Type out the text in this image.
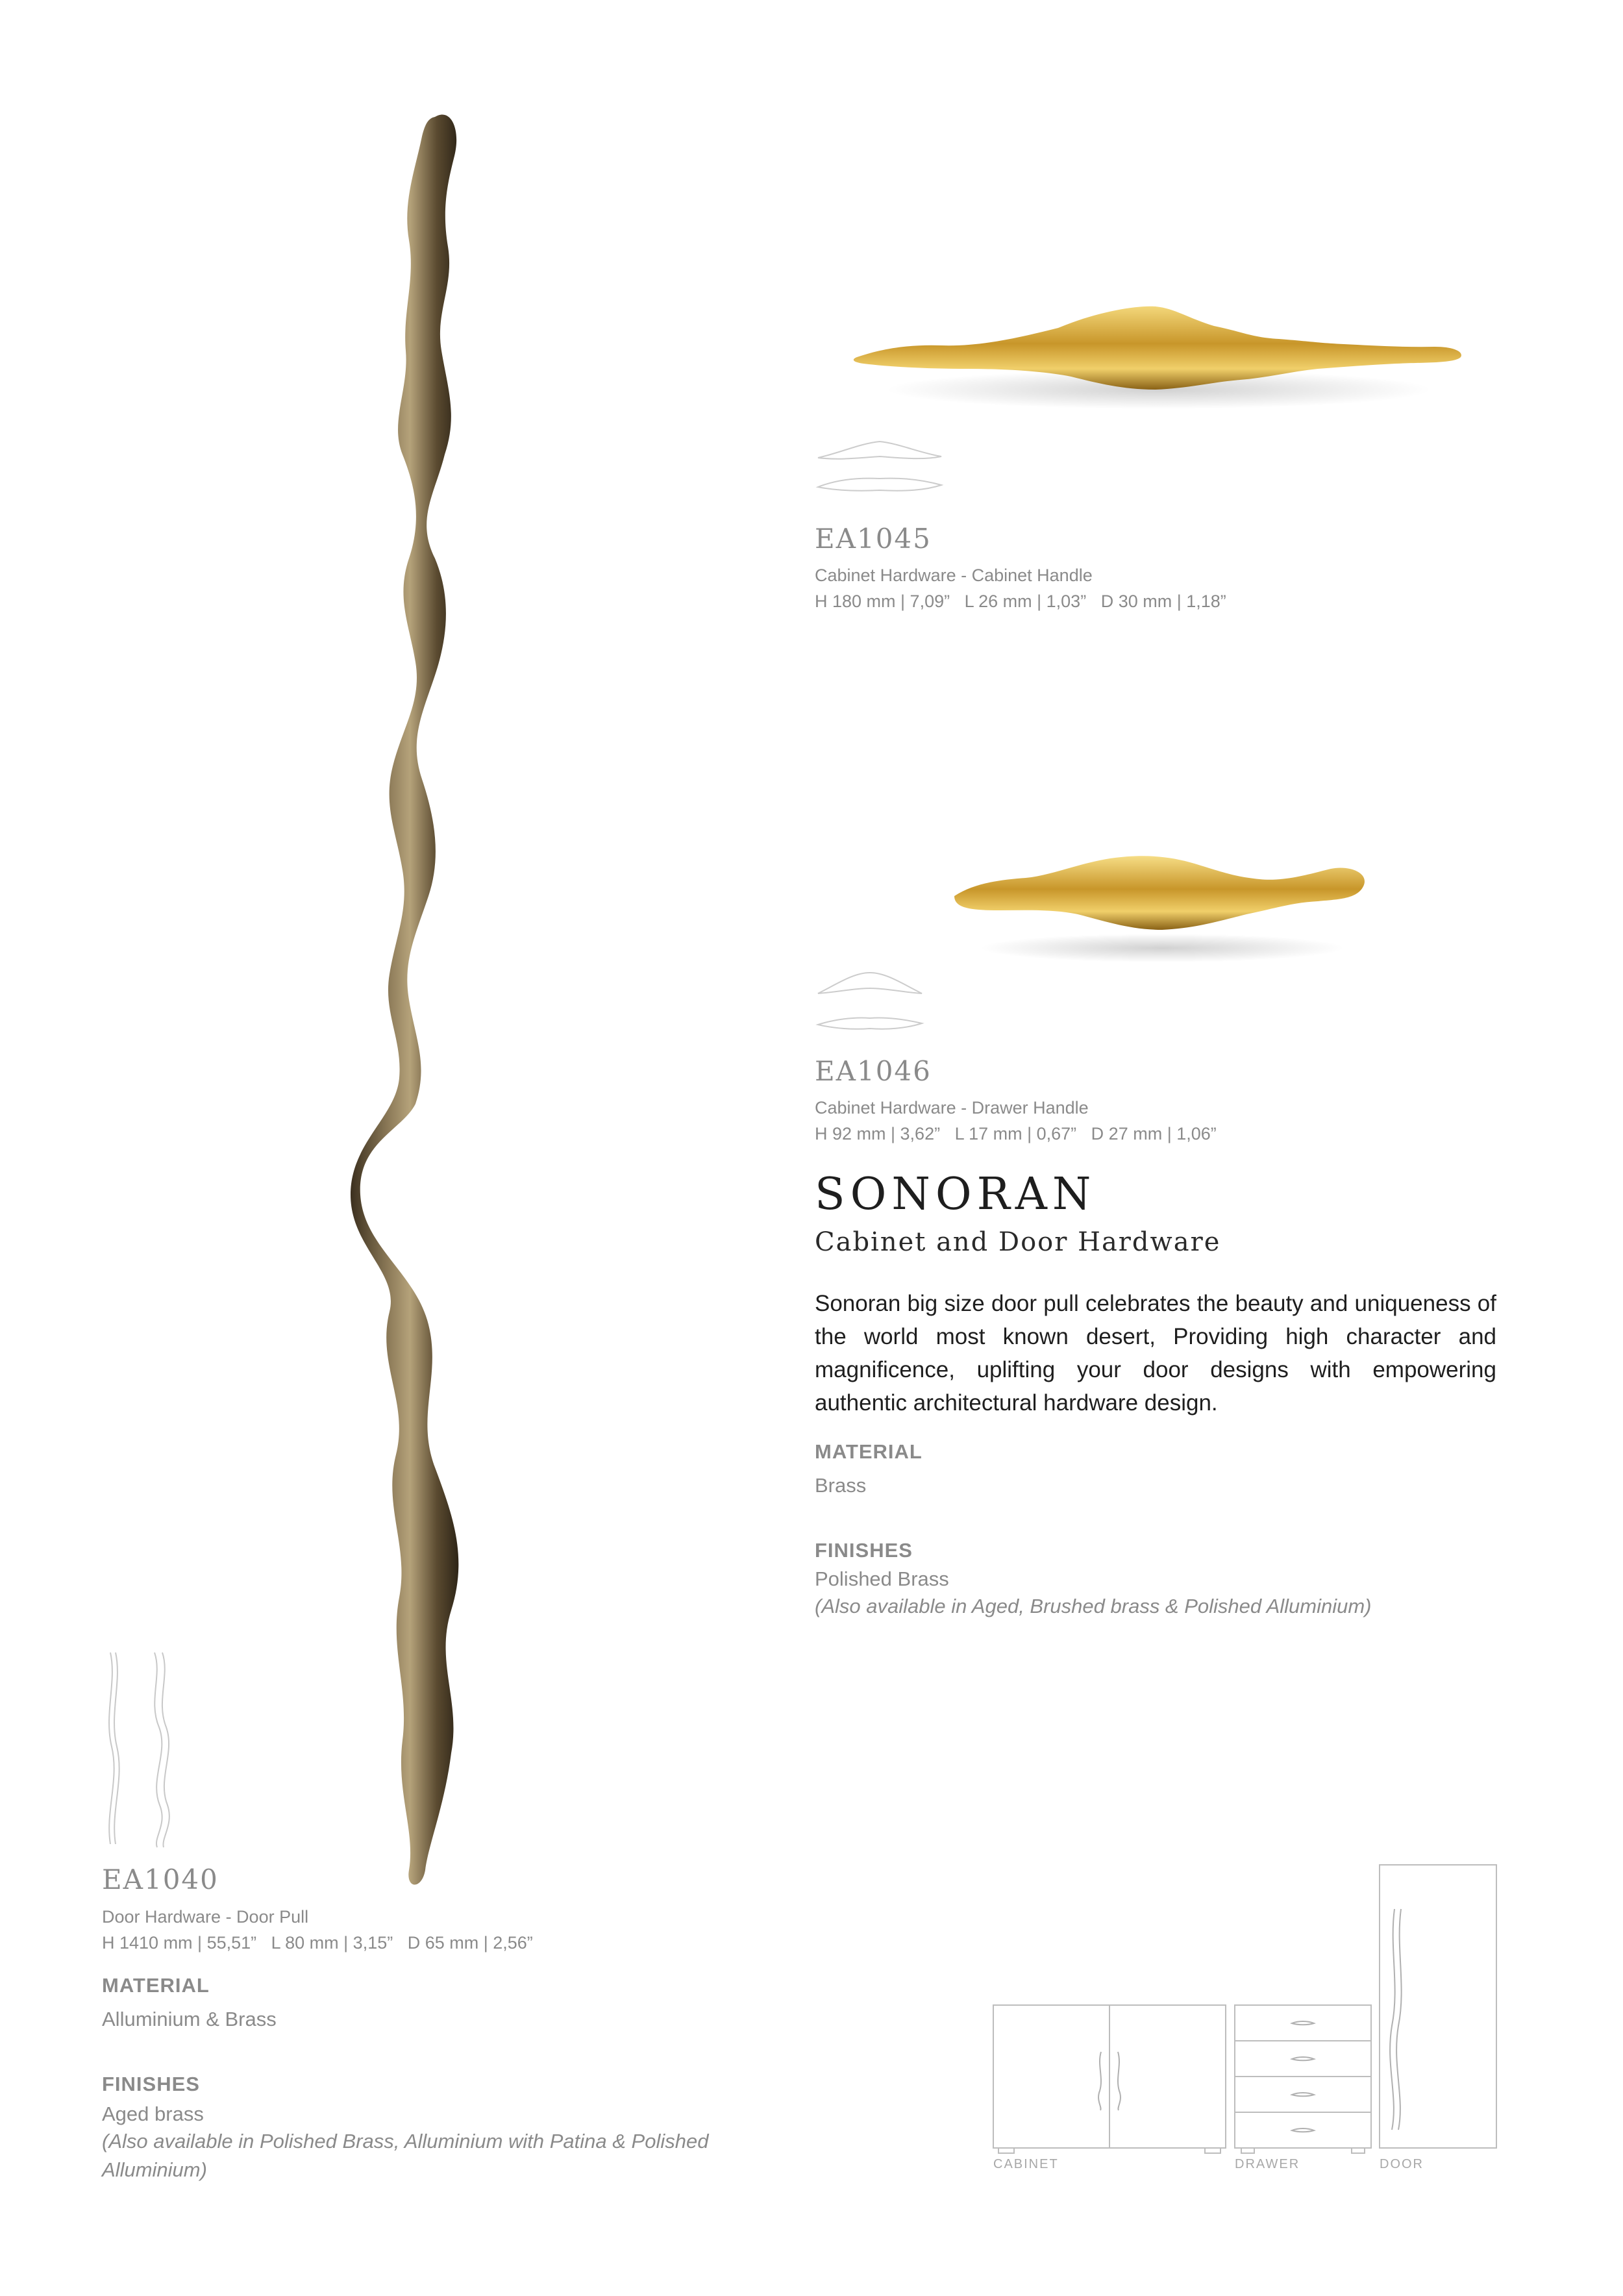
EA1040
Door Hardware - Door Pull
H 1410 mm | 55,51”   L 80 mm | 3,15”   D 65 mm | 2,56”
MATERIAL
Alluminium & Brass
FINISHES
Aged brass
(Also available in Polished Brass, Alluminium with Patina & Polished Alluminium)
EA1045
Cabinet Hardware - Cabinet Handle
H 180 mm | 7,09”   L 26 mm | 1,03”   D 30 mm | 1,18”
EA1046
Cabinet Hardware - Drawer Handle
H 92 mm | 3,62”   L 17 mm | 0,67”   D 27 mm | 1,06”
SONORAN
Cabinet and Door Hardware
Sonoran big size door pull celebrates the beauty and uniqueness of the world most known desert, Providing high character and magnificence, uplifting your door designs with empowering authentic architectural hardware design.
MATERIAL
Brass
FINISHES
Polished Brass
(Also available in Aged, Brushed brass & Polished Alluminium)
CABINET	DRAWER	DOOR
